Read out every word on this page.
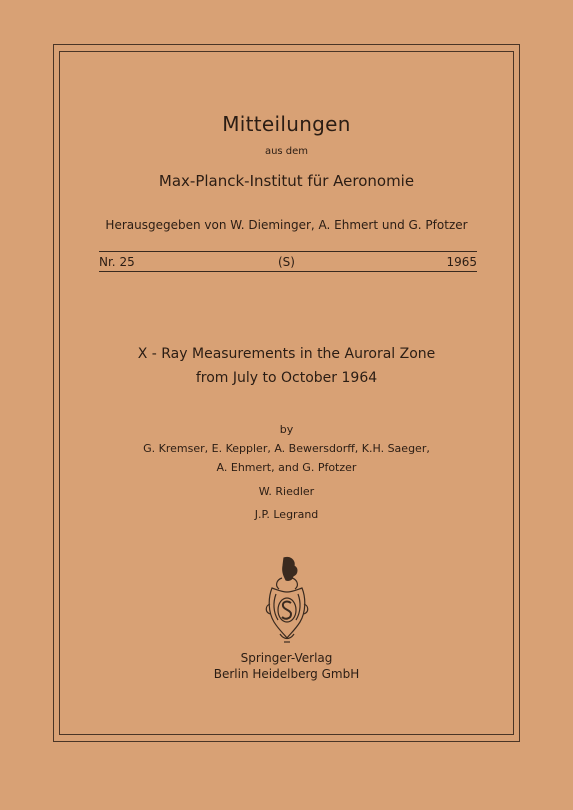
Mitteilungen
aus dem
Max-Planck-Institut für Aeronomie
Herausgegeben von W. Dieminger, A. Ehmert und G. Pfotzer
Nr. 25	(S)	1965
X - Ray Measurements in the Auroral Zone
from July to October 1964
by
G. Kremser, E. Keppler, A. Bewersdorff, K.H. Saeger,
A. Ehmert, and G. Pfotzer
W. Riedler
J.P. Legrand
Springer-Verlag
Berlin Heidelberg GmbH
